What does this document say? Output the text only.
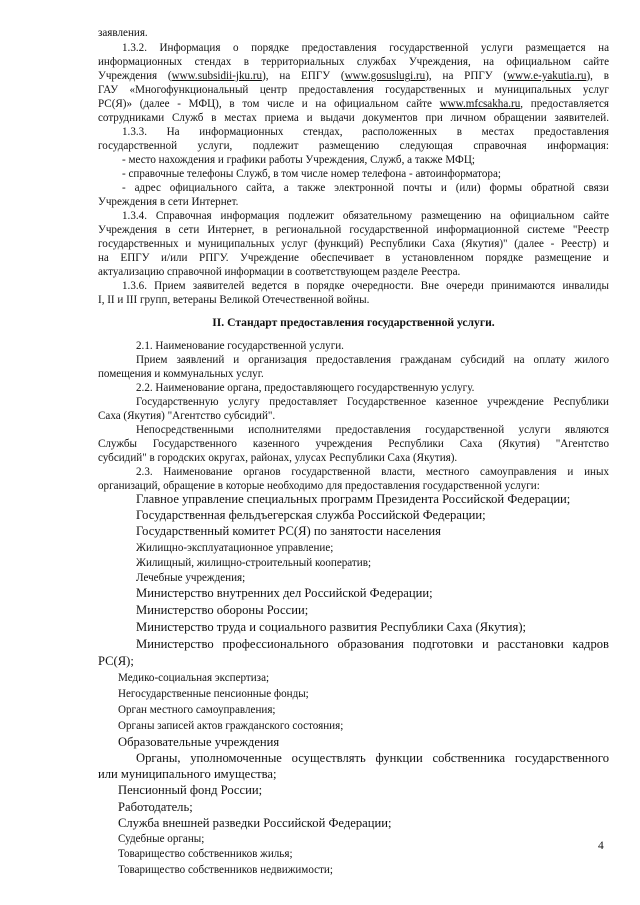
заявления.
1.3.2. Информация о порядке предоставления государственной услуги размещается на
информационных стендах в территориальных службах Учреждения, на официальном сайте
Учреждения (www.subsidii-jku.ru), на ЕПГУ (www.gosuslugi.ru), на РПГУ (www.e-yakutia.ru), в
ГАУ «Многофункциональный центр предоставления государственных и муниципальных услуг
РС(Я)» (далее - МФЦ), в том числе и на официальном сайте www.mfcsakha.ru, предоставляется
сотрудниками Служб в местах приема и выдачи документов при личном обращении заявителей.
1.3.3. На информационных стендах, расположенных в местах предоставления
государственной услуги, подлежит размещению следующая справочная информация:
- место нахождения и графики работы Учреждения, Служб, а также МФЦ;
- справочные телефоны Служб, в том числе номер телефона - автоинформатора;
- адрес официального сайта, а также электронной почты и (или) формы обратной связи
Учреждения в сети Интернет.
1.3.4. Справочная информация подлежит обязательному размещению на официальном сайте
Учреждения в сети Интернет, в региональной государственной информационной системе "Реестр
государственных и муниципальных услуг (функций) Республики Саха (Якутия)" (далее - Реестр) и
на ЕПГУ и/или РПГУ. Учреждение обеспечивает в установленном порядке размещение и
актуализацию справочной информации в соответствующем разделе Реестра.
1.3.6. Прием заявителей ведется в порядке очередности. Вне очереди принимаются инвалиды
I, II и III групп, ветераны Великой Отечественной войны.
II. Стандарт предоставления государственной услуги.
2.1. Наименование государственной услуги.
Прием заявлений и организация предоставления гражданам субсидий на оплату жилого
помещения и коммунальных услуг.
2.2. Наименование органа, предоставляющего государственную услугу.
Государственную услугу предоставляет Государственное казенное учреждение Республики
Саха (Якутия) "Агентство субсидий".
Непосредственными исполнителями предоставления государственной услуги являются
Службы Государственного казенного учреждения Республики Саха (Якутия) "Агентство
субсидий" в городских округах, районах, улусах Республики Саха (Якутия).
2.3. Наименование органов государственной власти, местного самоуправления и иных
организаций, обращение в которые необходимо для предоставления государственной услуги:
Главное управление специальных программ Президента Российской Федерации;
Государственная фельдъегерская служба Российской Федерации;
Государственный комитет РС(Я) по занятости населения
Жилищно-эксплуатационное управление;
Жилищный, жилищно-строительный кооператив;
Лечебные учреждения;
Министерство внутренних дел Российской Федерации;
Министерство обороны России;
Министерство труда и социального развития Республики Саха (Якутия);
Министерство профессионального образования подготовки и расстановки кадров
РС(Я);
Медико-социальная экспертиза;
Негосударственные пенсионные фонды;
Орган местного самоуправления;
Органы записей актов гражданского состояния;
Образовательные учреждения
Органы, уполномоченные осуществлять функции собственника государственного
или муниципального имущества;
Пенсионный фонд России;
Работодатель;
Служба внешней разведки Российской Федерации;
Судебные органы;
Товарищество собственников жилья;
Товарищество собственников недвижимости;
4
